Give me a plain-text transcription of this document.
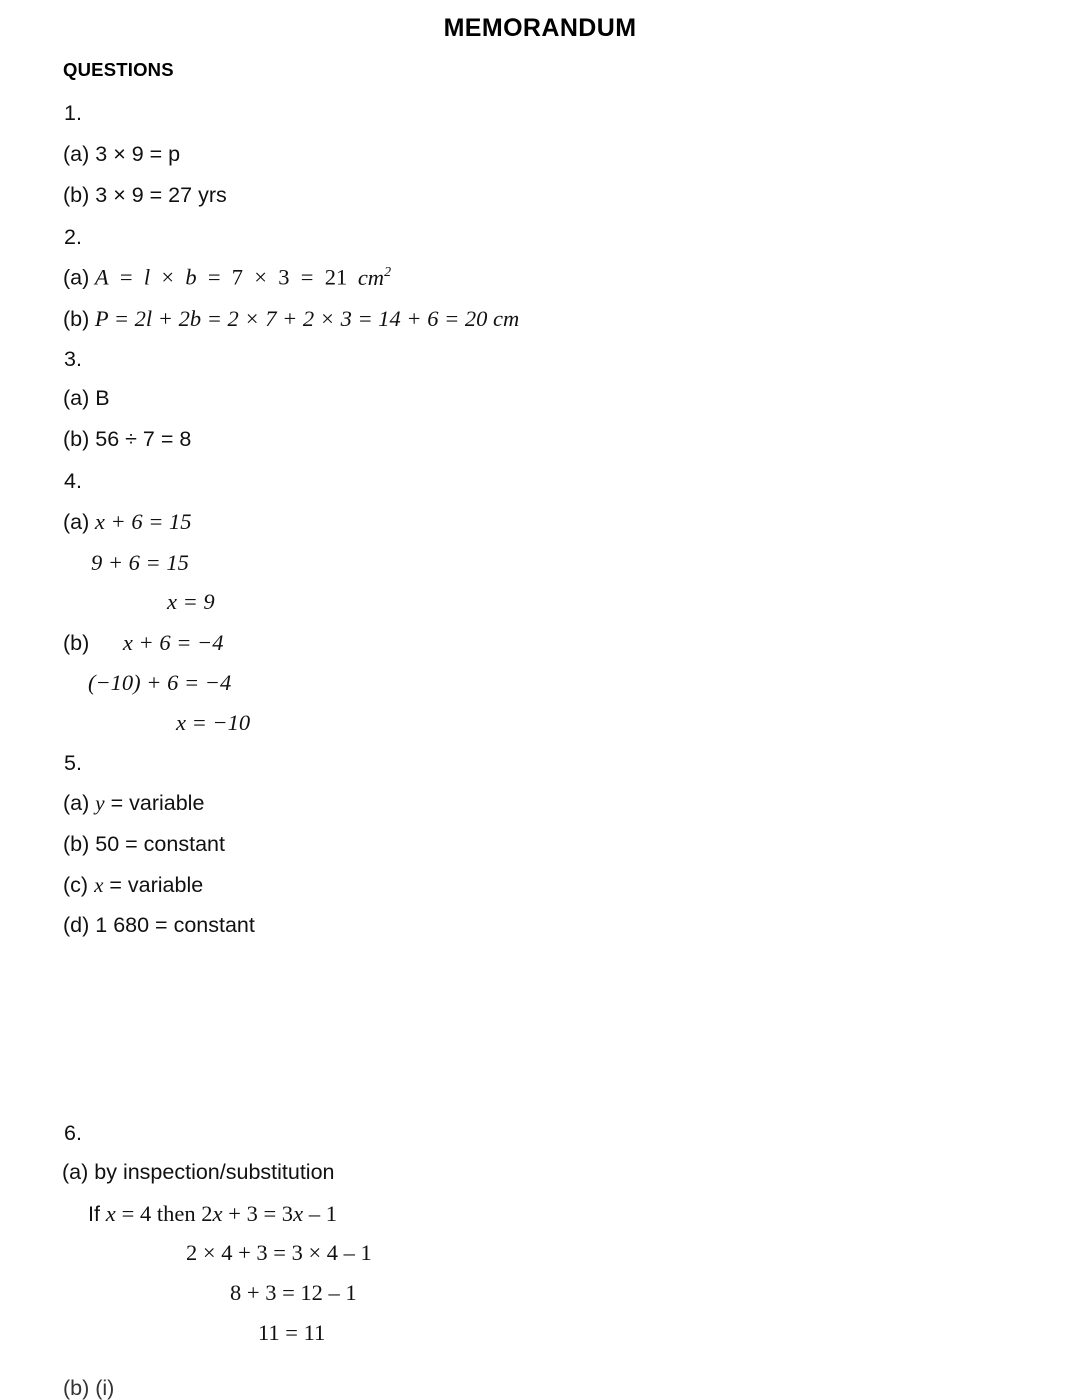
MEMORANDUM
QUESTIONS
1.
(a) 3 × 9 = p
(b) 3 × 9 = 27 yrs
2.
(a) A = l × b = 7 × 3 = 21 $cm^2$
(b) P = 2l + 2b = 2 × 7 + 2 × 3 = 14 + 6 = 20 cm
3.
(a) B
(b) 56 ÷ 7 = 8
4.
(a) x + 6 = 15
9 + 6 = 15
x = 9
(b) x + 6 = −4
(−10) + 6 = −4
x = −10
5.
(a) y = variable
(b) 50 = constant
(c) x = variable
(d) 1 680 = constant
6.
(a) by inspection/substitution
If x = 4 then 2x + 3 = 3x – 1
2 × 4 + 3 = 3 × 4 – 1
8 + 3 = 12 – 1
11 = 11
(b) (i)
